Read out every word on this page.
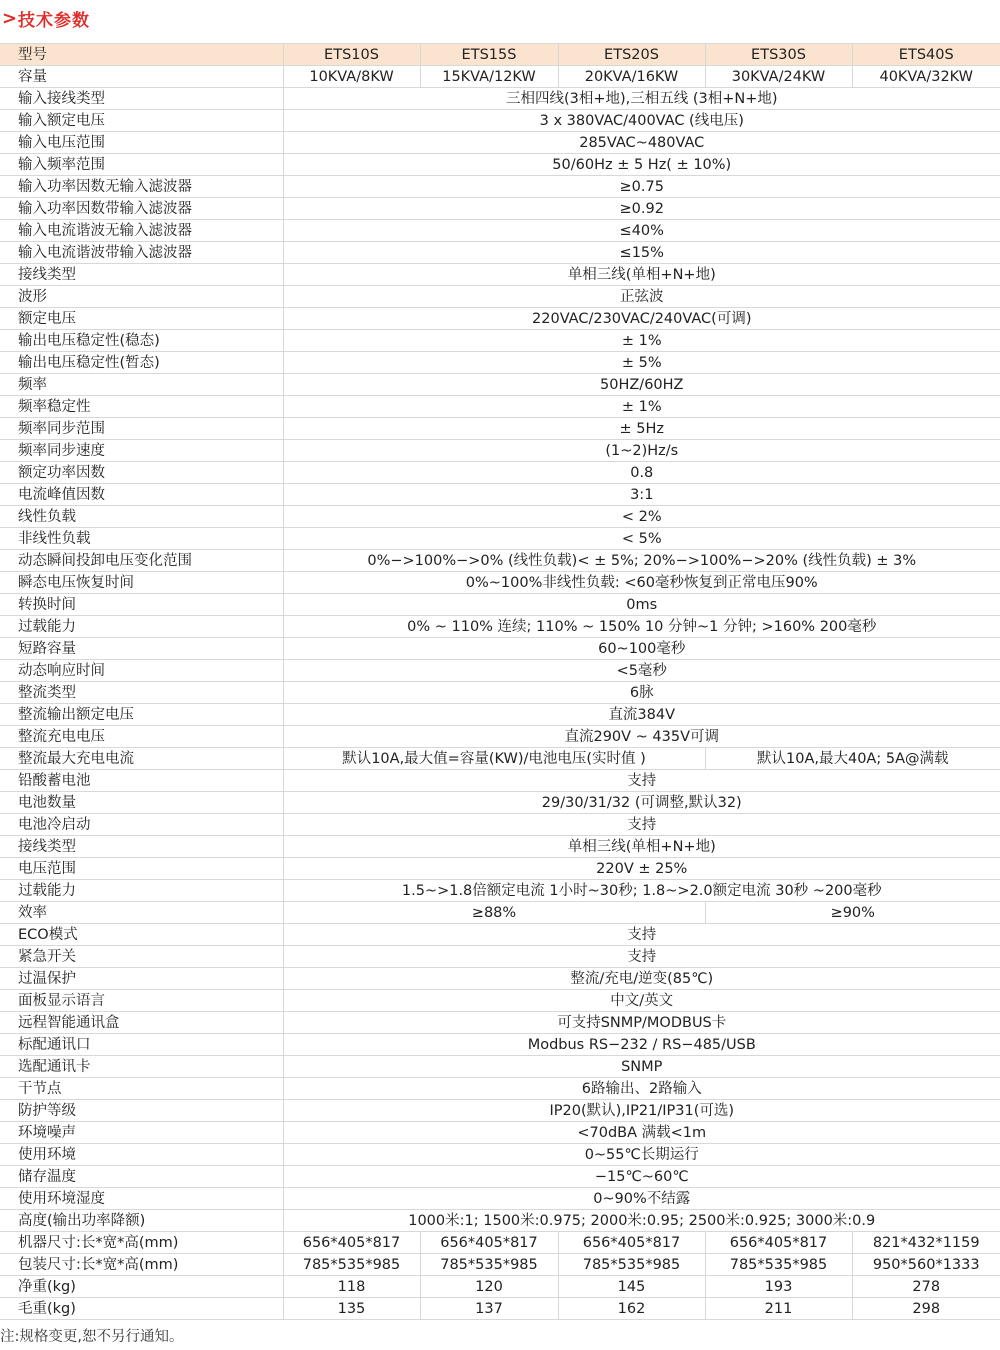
> 技术参数
型号	ETS10S	ETS15S	ETS20S	ETS30S	ETS40S
容量	10KVA/8KW	15KVA/12KW	20KVA/16KW	30KVA/24KW	40KVA/32KW
输入接线类型	三相四线(3相+地),三相五线 (3相+N+地)				
输入额定电压	3 x 380VAC/400VAC (线电压)				
输入电压范围	285VAC~480VAC				
输入频率范围	50/60Hz ± 5 Hz( ± 10%)				
输入功率因数无输入滤波器	≥0.75				
输入功率因数带输入滤波器	≥0.92				
输入电流谐波无输入滤波器	≤40%				
输入电流谐波带输入滤波器	≤15%				
接线类型	单相三线(单相+N+地)				
波形	正弦波				
额定电压	220VAC/230VAC/240VAC(可调)				
输出电压稳定性(稳态)	± 1%				
输出电压稳定性(暂态)	± 5%				
频率	50HZ/60HZ				
频率稳定性	± 1%				
频率同步范围	± 5Hz				
频率同步速度	(1~2)Hz/s				
额定功率因数	0.8				
电流峰值因数	3:1				
线性负载	< 2%				
非线性负载	< 5%				
动态瞬间投卸电压变化范围	0%−>100%−>0% (线性负载)< ± 5%; 20%−>100%−>20% (线性负载) ± 3%				
瞬态电压恢复时间	0%~100%非线性负载: <60毫秒恢复到正常电压90%				
转换时间	0ms				
过载能力	0% ~ 110% 连续; 110% ~ 150% 10 分钟~1 分钟; >160% 200毫秒				
短路容量	60~100毫秒				
动态响应时间	<5毫秒				
整流类型	6脉				
整流输出额定电压	直流384V				
整流充电电压	直流290V ~ 435V可调				
整流最大充电电流	默认10A,最大值=容量(KW)/电池电压(实时值 )			默认10A,最大40A; 5A@满载	
铅酸蓄电池	支持				
电池数量	29/30/31/32 (可调整,默认32)				
电池冷启动	支持				
接线类型	单相三线(单相+N+地)				
电压范围	220V ± 25%				
过载能力	1.5~>1.8倍额定电流 1小时~30秒; 1.8~>2.0额定电流 30秒 ~200毫秒				
效率	≥88%			≥90%	
ECO模式	支持				
紧急开关	支持				
过温保护	整流/充电/逆变(85℃)				
面板显示语言	中文/英文				
远程智能通讯盒	可支持SNMP/MODBUS卡				
标配通讯口	Modbus RS−232 / RS−485/USB				
选配通讯卡	SNMP				
干节点	6路输出、2路输入				
防护等级	IP20(默认),IP21/IP31(可选)				
环境噪声	<70dBA 满载<1m				
使用环境	0~55℃长期运行				
储存温度	−15℃~60℃				
使用环境湿度	0~90%不结露				
高度(输出功率降额)	1000米:1; 1500米:0.975; 2000米:0.95; 2500米:0.925; 3000米:0.9				
机器尺寸:长*宽*高(mm)	656*405*817	656*405*817	656*405*817	656*405*817	821*432*1159
包装尺寸:长*宽*高(mm)	785*535*985	785*535*985	785*535*985	785*535*985	950*560*1333
净重(kg)	118	120	145	193	278
毛重(kg)	135	137	162	211	298
注:规格变更,恕不另行通知。
